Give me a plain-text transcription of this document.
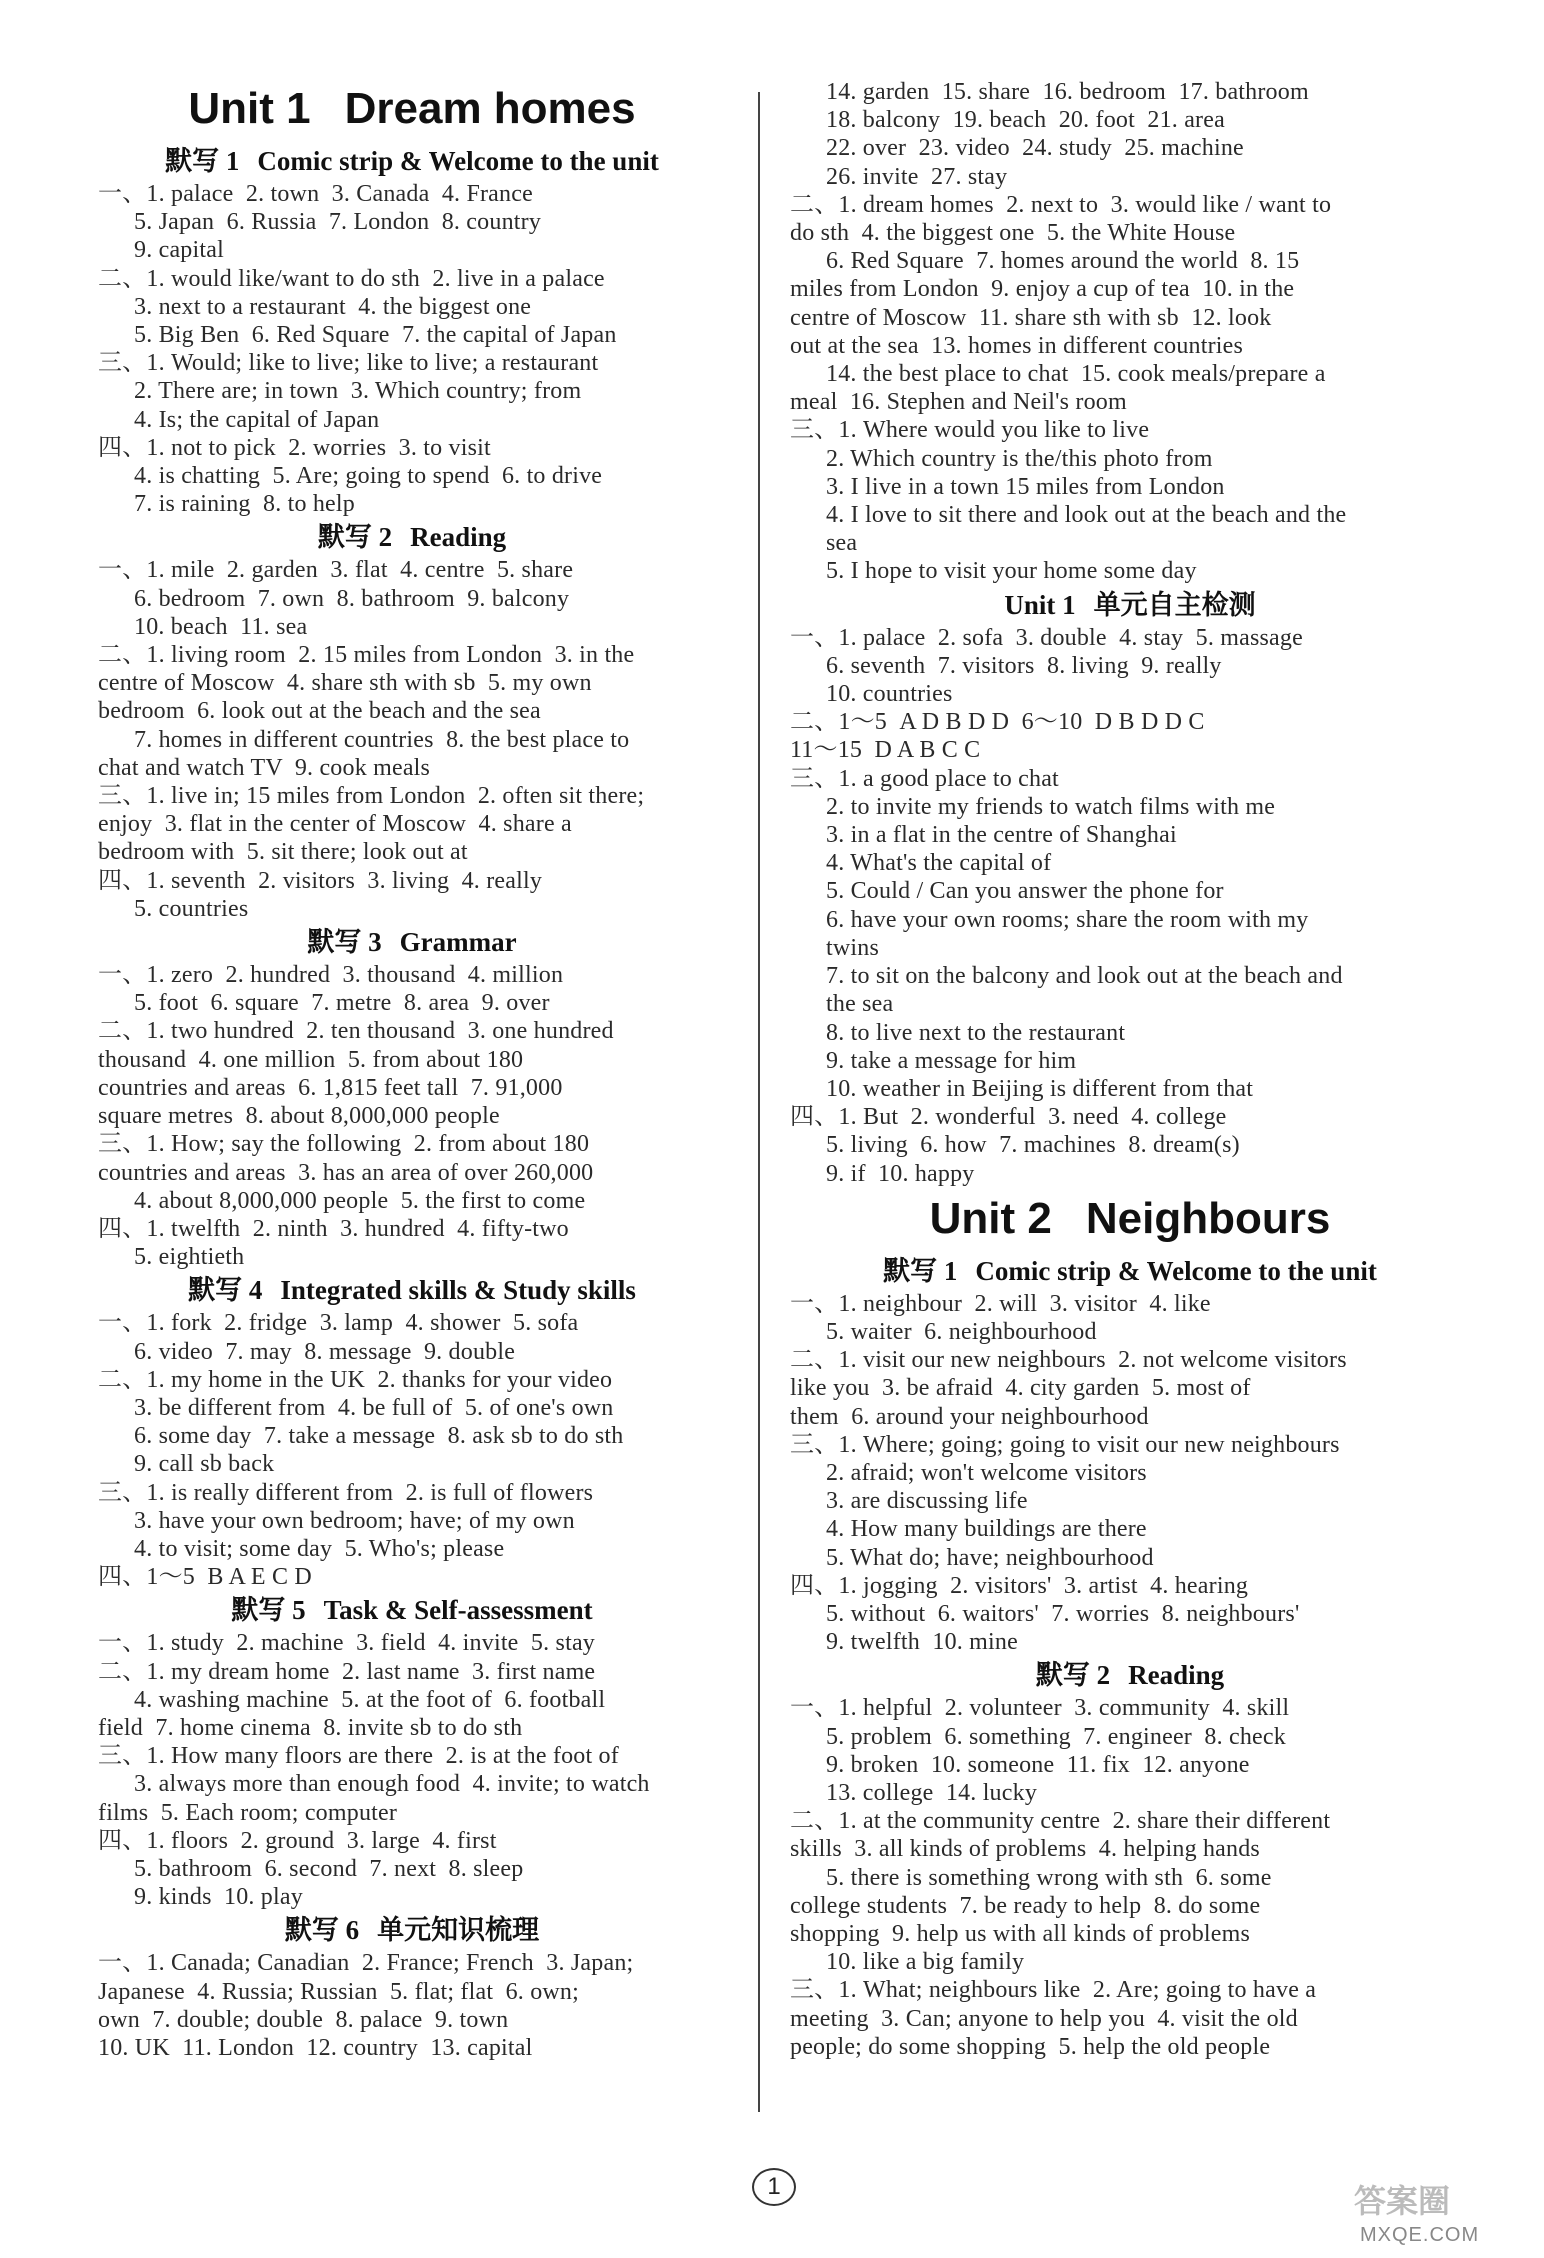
Unit 1 Dream homes
默写 1 Comic strip & Welcome to the unit
一、1. palace  2. town  3. Canada  4. France
5. Japan  6. Russia  7. London  8. country
9. capital
二、1. would like/want to do sth  2. live in a palace
3. next to a restaurant  4. the biggest one
5. Big Ben  6. Red Square  7. the capital of Japan
三、1. Would; like to live; like to live; a restaurant
2. There are; in town  3. Which country; from
4. Is; the capital of Japan
四、1. not to pick  2. worries  3. to visit
4. is chatting  5. Are; going to spend  6. to drive
7. is raining  8. to help
默写 2 Reading
一、1. mile  2. garden  3. flat  4. centre  5. share
6. bedroom  7. own  8. bathroom  9. balcony
10. beach  11. sea
二、1. living room  2. 15 miles from London  3. in the
centre of Moscow  4. share sth with sb  5. my own
bedroom  6. look out at the beach and the sea
7. homes in different countries  8. the best place to
chat and watch TV  9. cook meals
三、1. live in; 15 miles from London  2. often sit there;
enjoy  3. flat in the center of Moscow  4. share a
bedroom with  5. sit there; look out at
四、1. seventh  2. visitors  3. living  4. really
5. countries
默写 3 Grammar
一、1. zero  2. hundred  3. thousand  4. million
5. foot  6. square  7. metre  8. area  9. over
二、1. two hundred  2. ten thousand  3. one hundred
thousand  4. one million  5. from about 180
countries and areas  6. 1,815 feet tall  7. 91,000
square metres  8. about 8,000,000 people
三、1. How; say the following  2. from about 180
countries and areas  3. has an area of over 260,000
4. about 8,000,000 people  5. the first to come
四、1. twelfth  2. ninth  3. hundred  4. fifty-two
5. eightieth
默写 4 Integrated skills & Study skills
一、1. fork  2. fridge  3. lamp  4. shower  5. sofa
6. video  7. may  8. message  9. double
二、1. my home in the UK  2. thanks for your video
3. be different from  4. be full of  5. of one's own
6. some day  7. take a message  8. ask sb to do sth
9. call sb back
三、1. is really different from  2. is full of flowers
3. have your own bedroom; have; of my own
4. to visit; some day  5. Who's; please
四、1～5  B A E C D
默写 5 Task & Self-assessment
一、1. study  2. machine  3. field  4. invite  5. stay
二、1. my dream home  2. last name  3. first name
4. washing machine  5. at the foot of  6. football
field  7. home cinema  8. invite sb to do sth
三、1. How many floors are there  2. is at the foot of
3. always more than enough food  4. invite; to watch
films  5. Each room; computer
四、1. floors  2. ground  3. large  4. first
5. bathroom  6. second  7. next  8. sleep
9. kinds  10. play
默写 6 单元知识梳理
一、1. Canada; Canadian  2. France; French  3. Japan;
Japanese  4. Russia; Russian  5. flat; flat  6. own;
own  7. double; double  8. palace  9. town
10. UK  11. London  12. country  13. capital
14. garden  15. share  16. bedroom  17. bathroom
18. balcony  19. beach  20. foot  21. area
22. over  23. video  24. study  25. machine
26. invite  27. stay
二、1. dream homes  2. next to  3. would like / want to
do sth  4. the biggest one  5. the White House
6. Red Square  7. homes around the world  8. 15
miles from London  9. enjoy a cup of tea  10. in the
centre of Moscow  11. share sth with sb  12. look
out at the sea  13. homes in different countries
14. the best place to chat  15. cook meals/prepare a
meal  16. Stephen and Neil's room
三、1. Where would you like to live
2. Which country is the/this photo from
3. I live in a town 15 miles from London
4. I love to sit there and look out at the beach and the
sea
5. I hope to visit your home some day
Unit 1 单元自主检测
一、1. palace  2. sofa  3. double  4. stay  5. massage
6. seventh  7. visitors  8. living  9. really
10. countries
二、1～5  A D B D D  6～10  D B D D C
11～15  D A B C C
三、1. a good place to chat
2. to invite my friends to watch films with me
3. in a flat in the centre of Shanghai
4. What's the capital of
5. Could / Can you answer the phone for
6. have your own rooms; share the room with my
twins
7. to sit on the balcony and look out at the beach and
the sea
8. to live next to the restaurant
9. take a message for him
10. weather in Beijing is different from that
四、1. But  2. wonderful  3. need  4. college
5. living  6. how  7. machines  8. dream(s)
9. if  10. happy
Unit 2 Neighbours
默写 1 Comic strip & Welcome to the unit
一、1. neighbour  2. will  3. visitor  4. like
5. waiter  6. neighbourhood
二、1. visit our new neighbours  2. not welcome visitors
like you  3. be afraid  4. city garden  5. most of
them  6. around your neighbourhood
三、1. Where; going; going to visit our new neighbours
2. afraid; won't welcome visitors
3. are discussing life
4. How many buildings are there
5. What do; have; neighbourhood
四、1. jogging  2. visitors'  3. artist  4. hearing
5. without  6. waitors'  7. worries  8. neighbours'
9. twelfth  10. mine
默写 2 Reading
一、1. helpful  2. volunteer  3. community  4. skill
5. problem  6. something  7. engineer  8. check
9. broken  10. someone  11. fix  12. anyone
13. college  14. lucky
二、1. at the community centre  2. share their different
skills  3. all kinds of problems  4. helping hands
5. there is something wrong with sth  6. some
college students  7. be ready to help  8. do some
shopping  9. help us with all kinds of problems
10. like a big family
三、1. What; neighbours like  2. Are; going to have a
meeting  3. Can; anyone to help you  4. visit the old
people; do some shopping  5. help the old people
1	答案圈
MXQE.COM
